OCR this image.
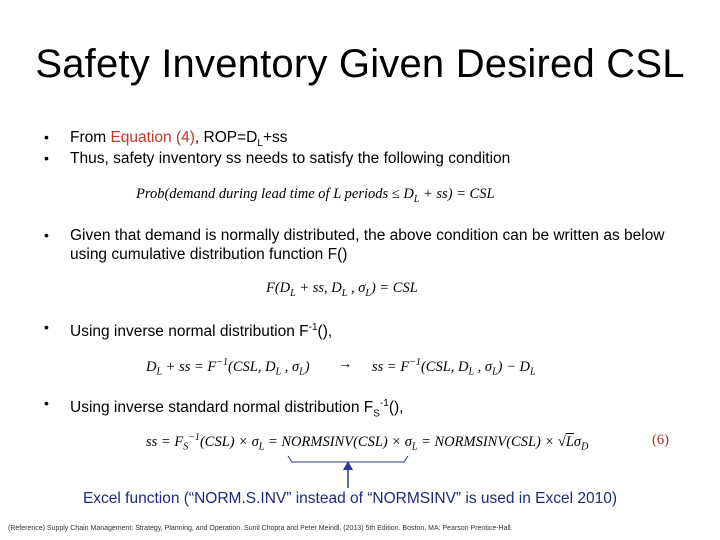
Safety Inventory Given Desired CSL
• From Equation (4), $ROP=D_L+ss$
• Thus, safety inventory ss needs to satisfy the following condition
Prob(demand during lead time of L periods ≤ $D_L + ss$) = CSL
• Given that demand is normally distributed, the above condition can be written as below using cumulative distribution function F()
$F(D_L$ + ss, $D_L$ , $\sigma_L$) = CSL
• Using inverse normal distribution $F^{-1}()$,
$D_L$ + ss = $F^{-1}(CSL$, $D_L$ , $\sigma_L$) → ss = $F^{-1}(CSL$, $D_L$ , $\sigma_L) - D_L$
• Using inverse standard normal distribution $F_S^{-1}()$,
ss = $F_S^{-1}(CSL) \times \sigma_L$ = NORMSINV(CSL) × $\sigma_L$ = NORMSINV(CSL) × $√L\sigma_D$	(6)
Excel function (“NORM.S.INV” instead of “NORMSINV” is used in Excel 2010)
(Reference) Supply Chain Management: Strategy, Planning, and Operation. Sunil Chopra and Peter Meindl. (2013) 5th Edition. Boston, MA: Pearson Prentice-Hall.
